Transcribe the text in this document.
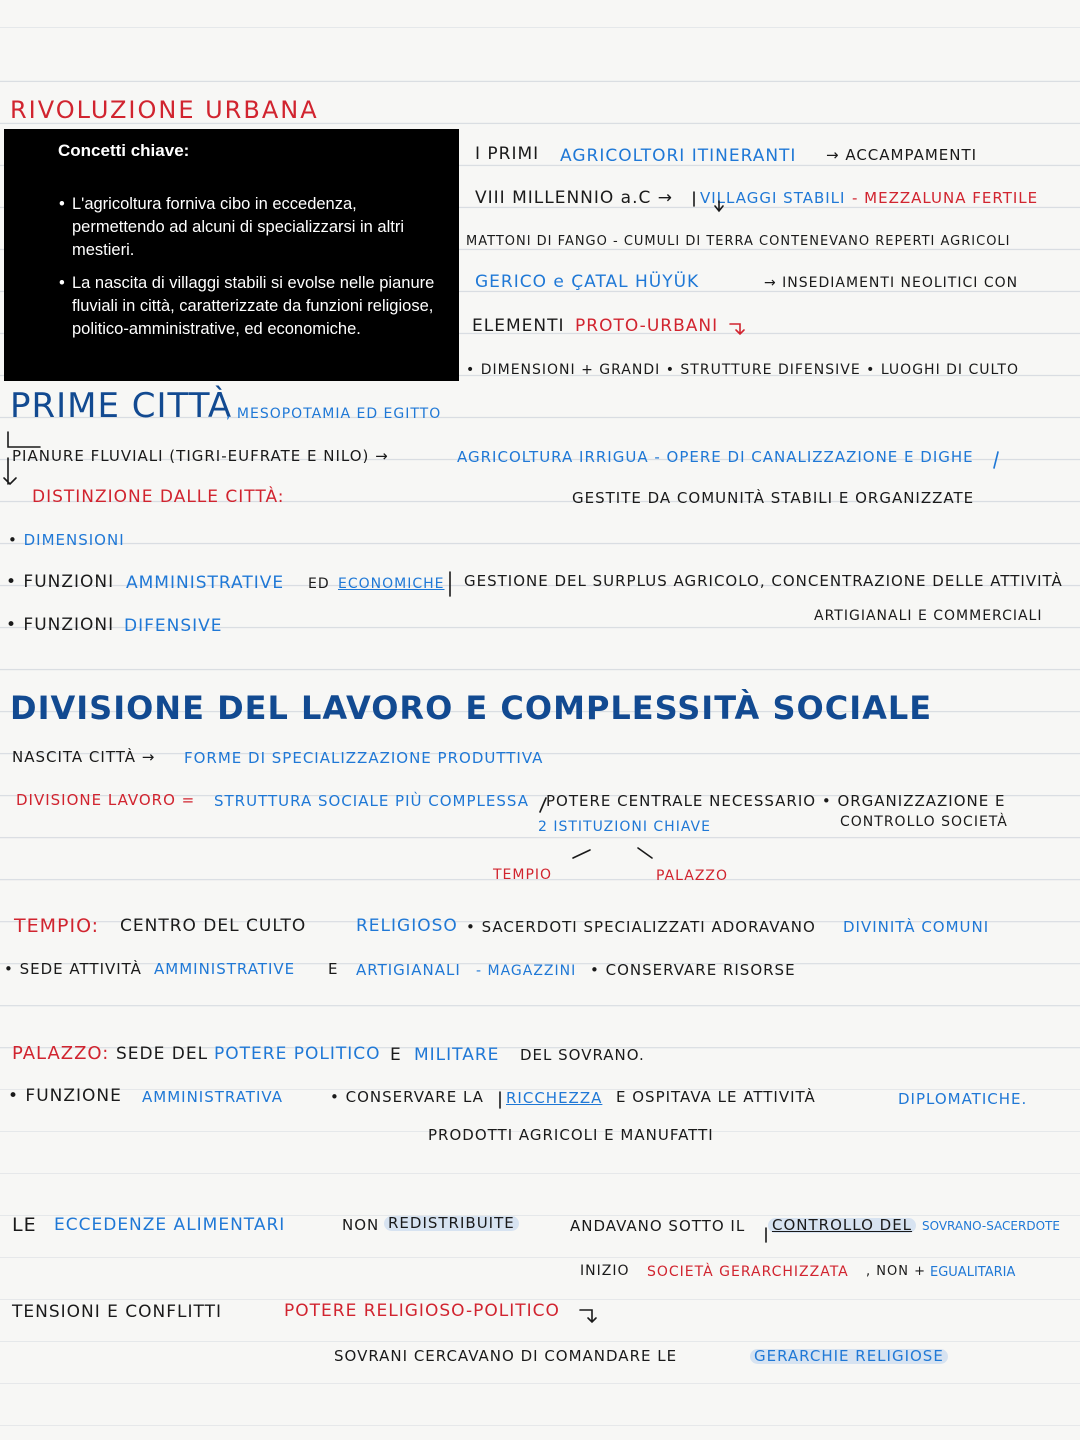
RIVOLUZIONE URBANA
Concetti chiave:
• L'agricoltura forniva cibo in eccedenza, permettendo ad alcuni di specializzarsi in altri mestieri.
• La nascita di villaggi stabili si evolse nelle pianure fluviali in città, caratterizzate da funzioni religiose, politico-amministrative, ed economiche.
I PRIMI AGRICOLTORI ITINERANTI → ACCAMPAMENTI
VIII MILLENNIO a.C → VILLAGGI STABILI - MEZZALUNA FERTILE
MATTONI DI FANGO - CUMULI DI TERRA CONTENEVANO REPERTI AGRICOLI
GERICO e ÇATAL HÜYÜK	→ INSEDIAMENTI NEOLITICI CON
ELEMENTI PROTO-URBANI
• DIMENSIONI + GRANDI • STRUTTURE DIFENSIVE • LUOGHI DI CULTO
PRIME CITTÀ
, MESOPOTAMIA ED EGITTO
PIANURE FLUVIALI (TIGRI-EUFRATE E NILO) →	AGRICOLTURA IRRIGUA - OPERE DI CANALIZZAZIONE E DIGHE
DISTINZIONE DALLE CITTÀ:	GESTITE DA COMUNITÀ STABILI E ORGANIZZATE
• DIMENSIONI
• FUNZIONI AMMINISTRATIVE ED ECONOMICHE GESTIONE DEL SURPLUS AGRICOLO, CONCENTRAZIONE DELLE ATTIVITÀ
ARTIGIANALI E COMMERCIALI
• FUNZIONI DIFENSIVE
DIVISIONE DEL LAVORO E COMPLESSITÀ SOCIALE
NASCITA CITTÀ → FORME DI SPECIALIZZAZIONE PRODUTTIVA
DIVISIONE LAVORO = STRUTTURA SOCIALE PIÙ COMPLESSA POTERE CENTRALE NECESSARIO • ORGANIZZAZIONE E
CONTROLLO SOCIETÀ
2 ISTITUZIONI CHIAVE
TEMPIO	PALAZZO
TEMPIO: CENTRO DEL CULTO	RELIGIOSO • SACERDOTI SPECIALIZZATI ADORAVANO DIVINITÀ COMUNI
• SEDE ATTIVITÀ AMMINISTRATIVE E ARTIGIANALI - MAGAZZINI • CONSERVARE RISORSE
PALAZZO: SEDE DEL POTERE POLITICO E MILITARE DEL SOVRANO.
• FUNZIONE AMMINISTRATIVA	• CONSERVARE LA RICCHEZZA E OSPITAVA LE ATTIVITÀ	DIPLOMATICHE.
PRODOTTI AGRICOLI E MANUFATTI
LE ECCEDENZE ALIMENTARI	NON REDISTRIBUITE	ANDAVANO SOTTO IL CONTROLLO DEL SOVRANO-SACERDOTE
INIZIO SOCIETÀ GERARCHIZZATA , NON + EGUALITARIA
TENSIONI E CONFLITTI	POTERE RELIGIOSO-POLITICO
SOVRANI CERCAVANO DI COMANDARE LE	GERARCHIE RELIGIOSE
